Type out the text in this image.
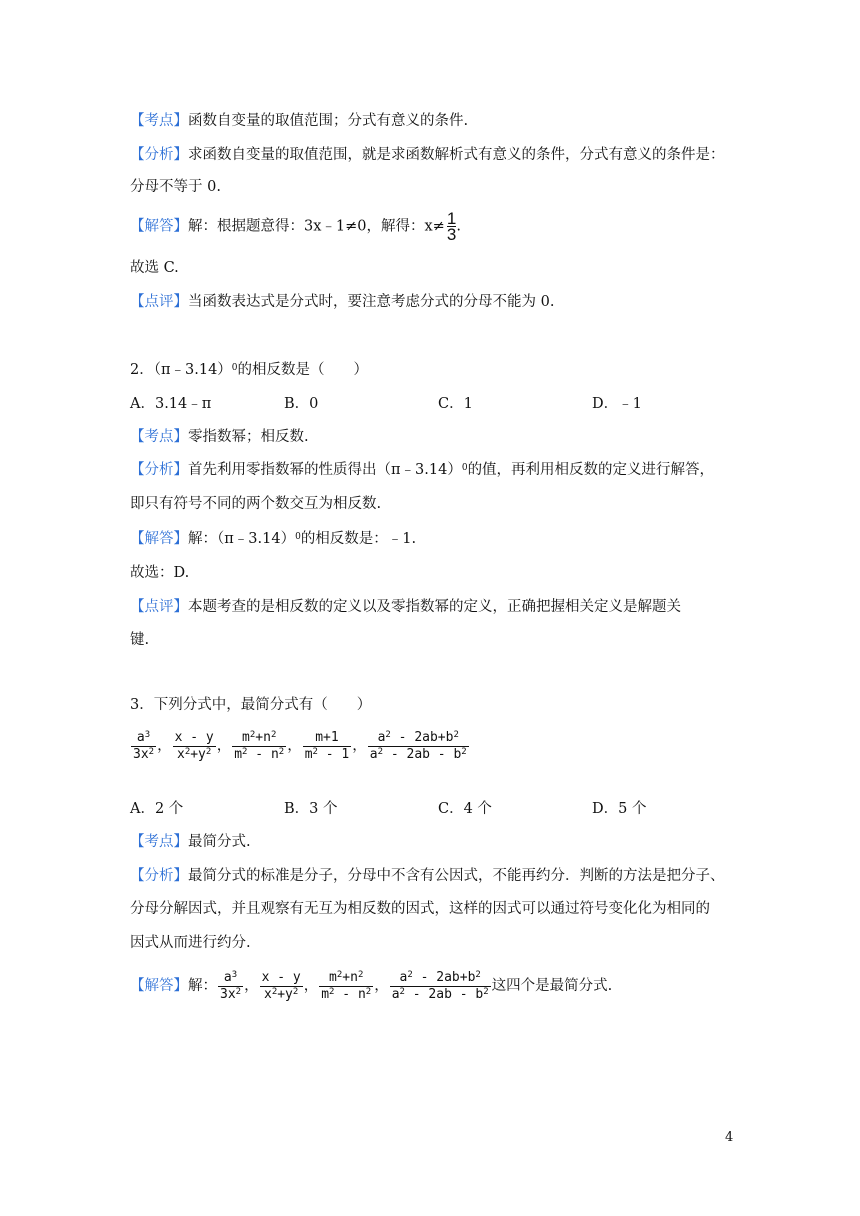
【考点】函数自变量的取值范围；分式有意义的条件.
【分析】求函数自变量的取值范围，就是求函数解析式有意义的条件，分式有意义的条件是：
分母不等于 0.
【解答】解：根据题意得：3x﹣1≠0，解得：$x\ne \frac{1}{3}$ .
故选 C.
【点评】当函数表达式是分式时，要注意考虑分式的分母不能为 0.
2．（π﹣3.14）$^0$的相反数是（　　）
A．3.14﹣π	B．0	C．1	D．﹣1
【考点】零指数幂；相反数.
【分析】首先利用零指数幂的性质得出（π﹣3.14）$^0$的值，再利用相反数的定义进行解答，
即只有符号不同的两个数交互为相反数.
【解答】解：（π﹣3.14）$^0$的相反数是：﹣1.
故选：D.
【点评】本题考查的是相反数的定义以及零指数幂的定义，正确把握相关定义是解题关
键.
3．下列分式中，最简分式有（　　）
$\frac{a^3}{3x^2}$ ， $\frac{x - y}{x^2+y^2}$ ， $\frac{m^2+n^2}{m^2 - n^2}$ ， $\frac{m+1}{m^2 - 1}$ ， $\frac{a^2 - 2ab+b^2}{a^2 - 2ab - b^2}$
A．2 个	B．3 个	C．4 个	D．5 个
【考点】最简分式.
【分析】最简分式的标准是分子，分母中不含有公因式，不能再约分．判断的方法是把分子、
分母分解因式，并且观察有无互为相反数的因式，这样的因式可以通过符号变化化为相同的
因式从而进行约分.
【解答】解： $\frac{a^3}{3x^2}$ ， $\frac{x - y}{x^2+y^2}$ ， $\frac{m^2+n^2}{m^2 - n^2}$ ， $\frac{a^2 - 2ab+b^2}{a^2 - 2ab - b^2}$ 这四个是最简分式.
4
